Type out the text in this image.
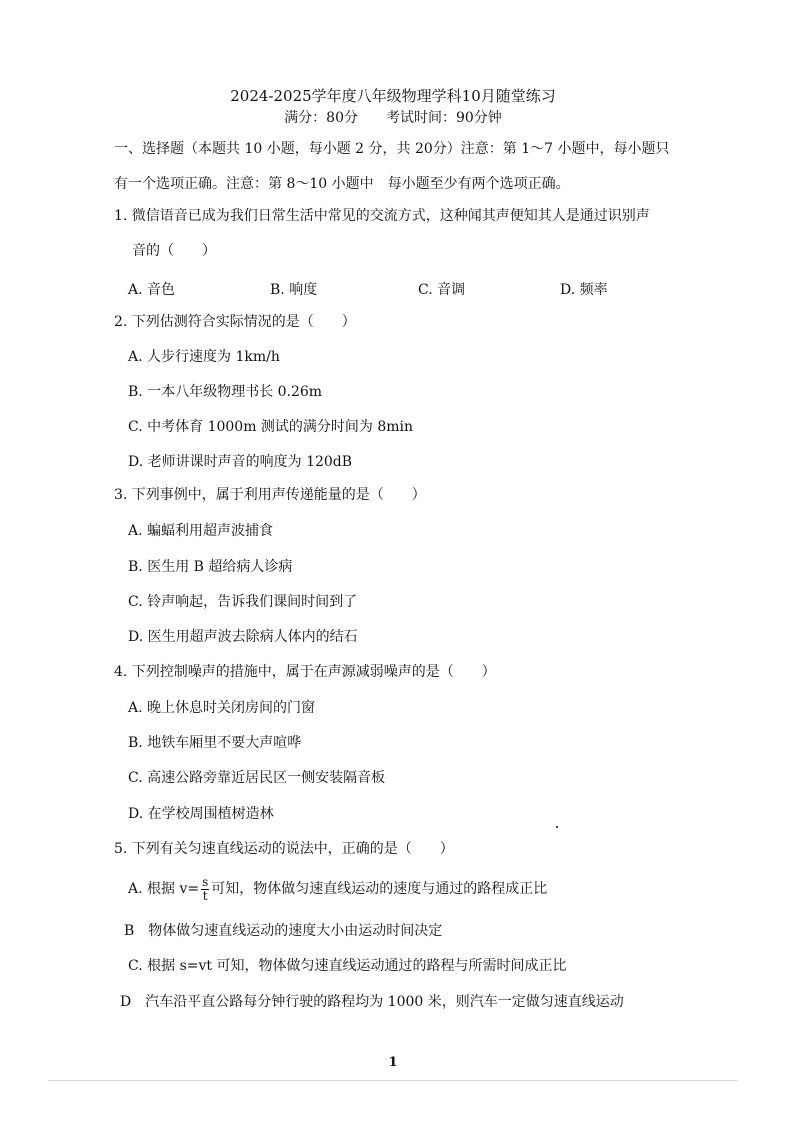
2024-2025学年度八年级物理学科10月随堂练习
满分：80分　　考试时间：90分钟
一、选择题（本题共 10 小题，每小题 2 分，共 20分）注意：第 1～7 小题中，每小题只
有一个选项正确。注意：第 8～10 小题中　每小题至少有两个选项正确。
1. 微信语音已成为我们日常生活中常见的交流方式，这种闻其声便知其人是通过识别声
音的（　　）
A. 音色	B. 响度	C. 音调	D. 频率
2. 下列估测符合实际情况的是（　　）
A. 人步行速度为 1km/h
B. 一本八年级物理书长 0.26m
C. 中考体育 1000m 测试的满分时间为 8min
D. 老师讲课时声音的响度为 120dB
3. 下列事例中，属于利用声传递能量的是（　　）
A. 蝙蝠利用超声波捕食
B. 医生用 B 超给病人诊病
C. 铃声响起，告诉我们课间时间到了
D. 医生用超声波去除病人体内的结石
4. 下列控制噪声的措施中，属于在声源减弱噪声的是（　　）
A. 晚上休息时关闭房间的门窗
B. 地铁车厢里不要大声喧哗
C. 高速公路旁靠近居民区一侧安装隔音板
D. 在学校周围植树造林
5. 下列有关匀速直线运动的说法中，正确的是（　　）
A. 根据 $v= \frac{s}{t}$ 可知，物体做匀速直线运动的速度与通过的路程成正比
B　物体做匀速直线运动的速度大小由运动时间决定
C. 根据 s=vt 可知，物体做匀速直线运动通过的路程与所需时间成正比
D　汽车沿平直公路每分钟行驶的路程均为 1000 米，则汽车一定做匀速直线运动
1
